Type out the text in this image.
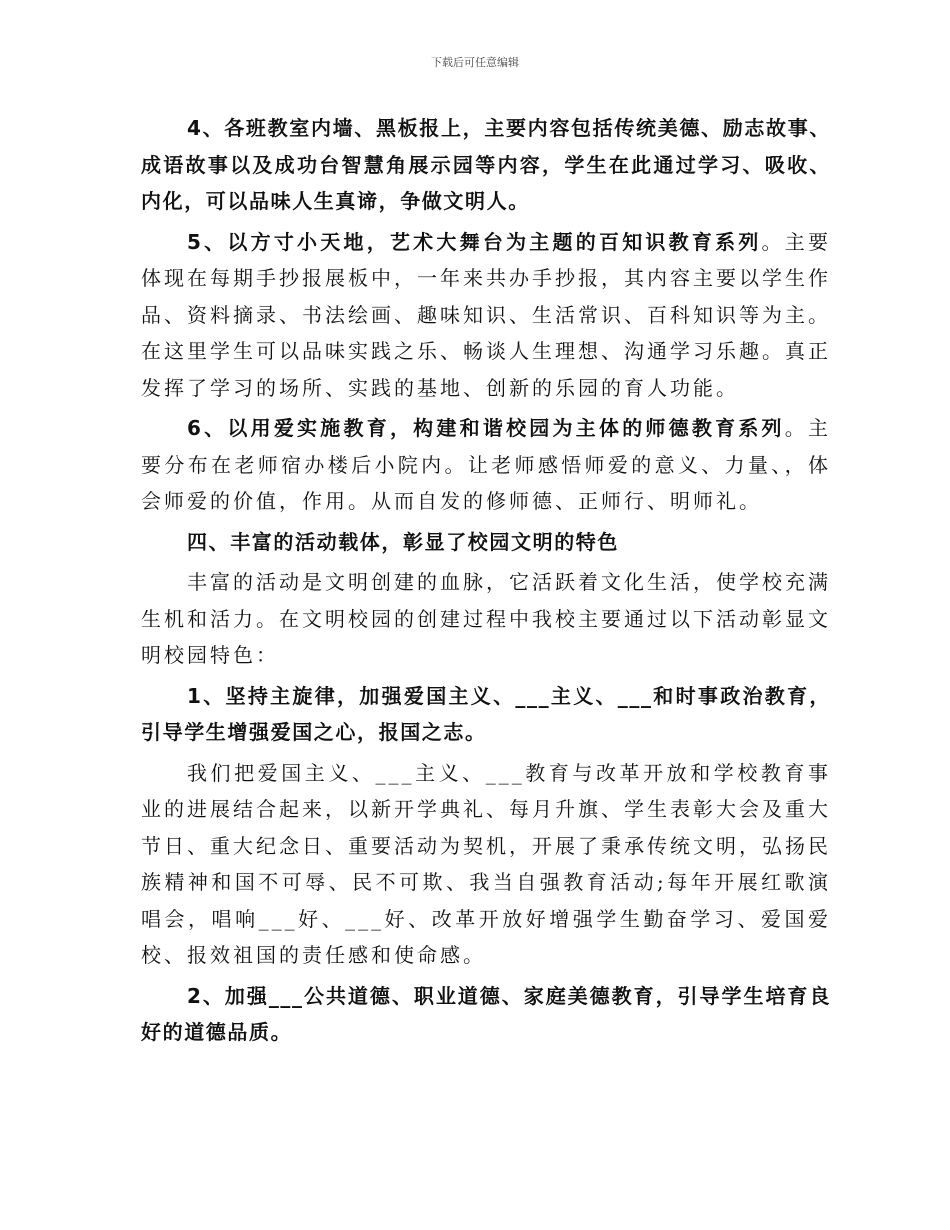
下载后可任意编辑

4、各班教室内墙、黑板报上，主要内容包括传统美德、励志故事、成语故事以及成功台智慧角展示园等内容，学生在此通过学习、吸收、内化，可以品味人生真谛，争做文明人。

5、以方寸小天地，艺术大舞台为主题的百知识教育系列。主要体现在每期手抄报展板中，一年来共办手抄报，其内容主要以学生作品、资料摘录、书法绘画、趣味知识、生活常识、百科知识等为主。在这里学生可以品味实践之乐、畅谈人生理想、沟通学习乐趣。真正发挥了学习的场所、实践的基地、创新的乐园的育人功能。

6、以用爱实施教育，构建和谐校园为主体的师德教育系列。主要分布在老师宿办楼后小院内。让老师感悟师爱的意义、力量、，体会师爱的价值，作用。从而自发的修师德、正师行、明师礼。

四、丰富的活动载体，彰显了校园文明的特色

丰富的活动是文明创建的血脉，它活跃着文化生活，使学校充满生机和活力。在文明校园的创建过程中我校主要通过以下活动彰显文明校园特色：

1、坚持主旋律，加强爱国主义、___主义、___和时事政治教育，引导学生增强爱国之心，报国之志。

我们把爱国主义、___主义、___教育与改革开放和学校教育事业的进展结合起来，以新开学典礼、每月升旗、学生表彰大会及重大节日、重大纪念日、重要活动为契机，开展了秉承传统文明，弘扬民族精神和国不可辱、民不可欺、我当自强教育活动;每年开展红歌演唱会，唱响___好、___好、改革开放好增强学生勤奋学习、爱国爱校、报效祖国的责任感和使命感。

2、加强___公共道德、职业道德、家庭美德教育，引导学生培育良好的道德品质。
